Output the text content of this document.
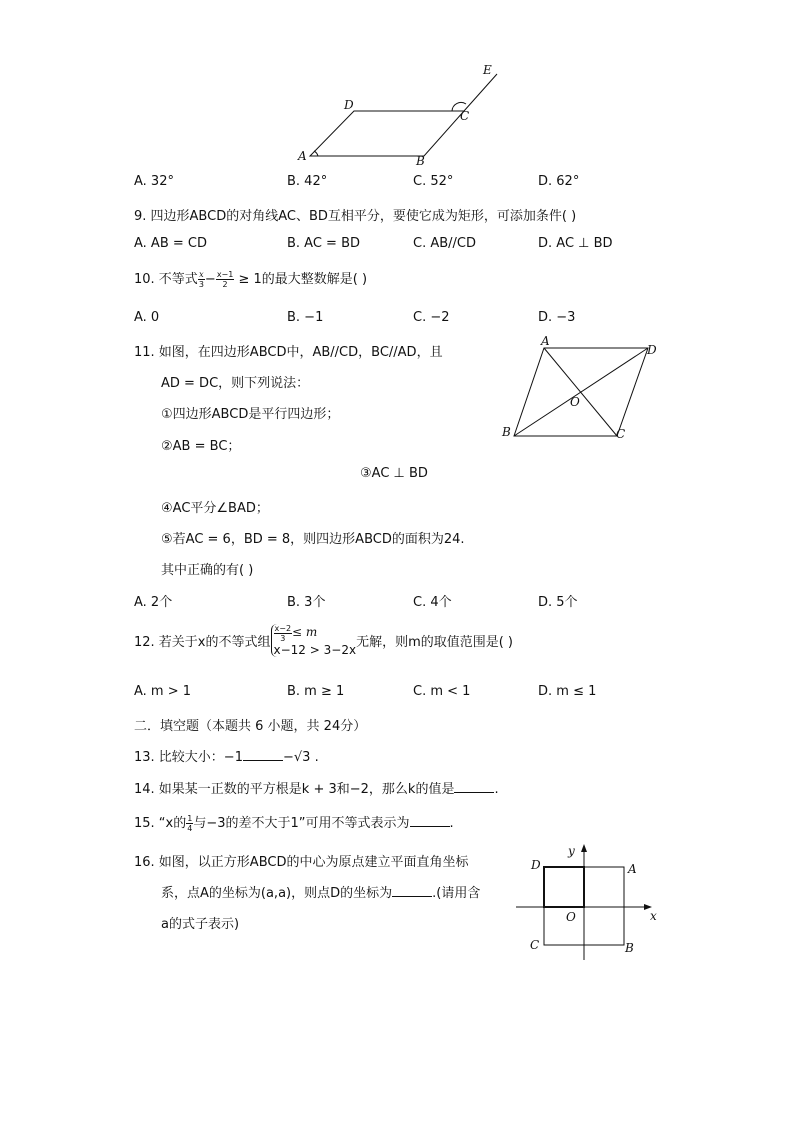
A	B
C
D
E
A. 32°	B. 42°	C. 52°	D. 62°
9. 四边形ABCD的对角线AC、BD互相平分，要使它成为矩形，可添加条件( )
A. AB = CD	B. AC = BD	C. AB//CD	D. AC ⊥ BD
10. 不等式 $\frac{x}{3} - \frac{x-1}{2} \ge 1$的最大整数解是( )
A. 0	B. −1	C. −2	D. −3
11. 如图，在四边形ABCD中，AB//CD，BC//AD，且
AD = DC，则下列说法：
①四边形ABCD是平行四边形；
②AB = BC；
③AC ⊥ BD
④AC平分∠BAD；
⑤若AC = 6，BD = 8，则四边形ABCD的面积为24.
其中正确的有( )
A. 2个	B. 3个	C. 4个	D. 5个
A
D
O
B	C
12. 若关于x的不等式组 $\frac{x-2}{3} \le m$
x−12 > 3−2x 无解，则m的取值范围是( )
A. m > 1	B. m ≥ 1	C. m < 1	D. m ≤ 1
二．填空题（本题共 6 小题，共 24分）
13. 比较大小：−1	−√3 .
14. 如果某一正数的平方根是k + 3和−2，那么k的值是	.
15. “x的 $\frac{1}{4}$ 与−3的差不大于1”可用不等式表示为	.
16. 如图，以正方形ABCD的中心为原点建立平面直角坐标
系，点A的坐标为(a,a)，则点D的坐标为	.(请用含
a的式子表示)
y
x
O
A
B
C
D
